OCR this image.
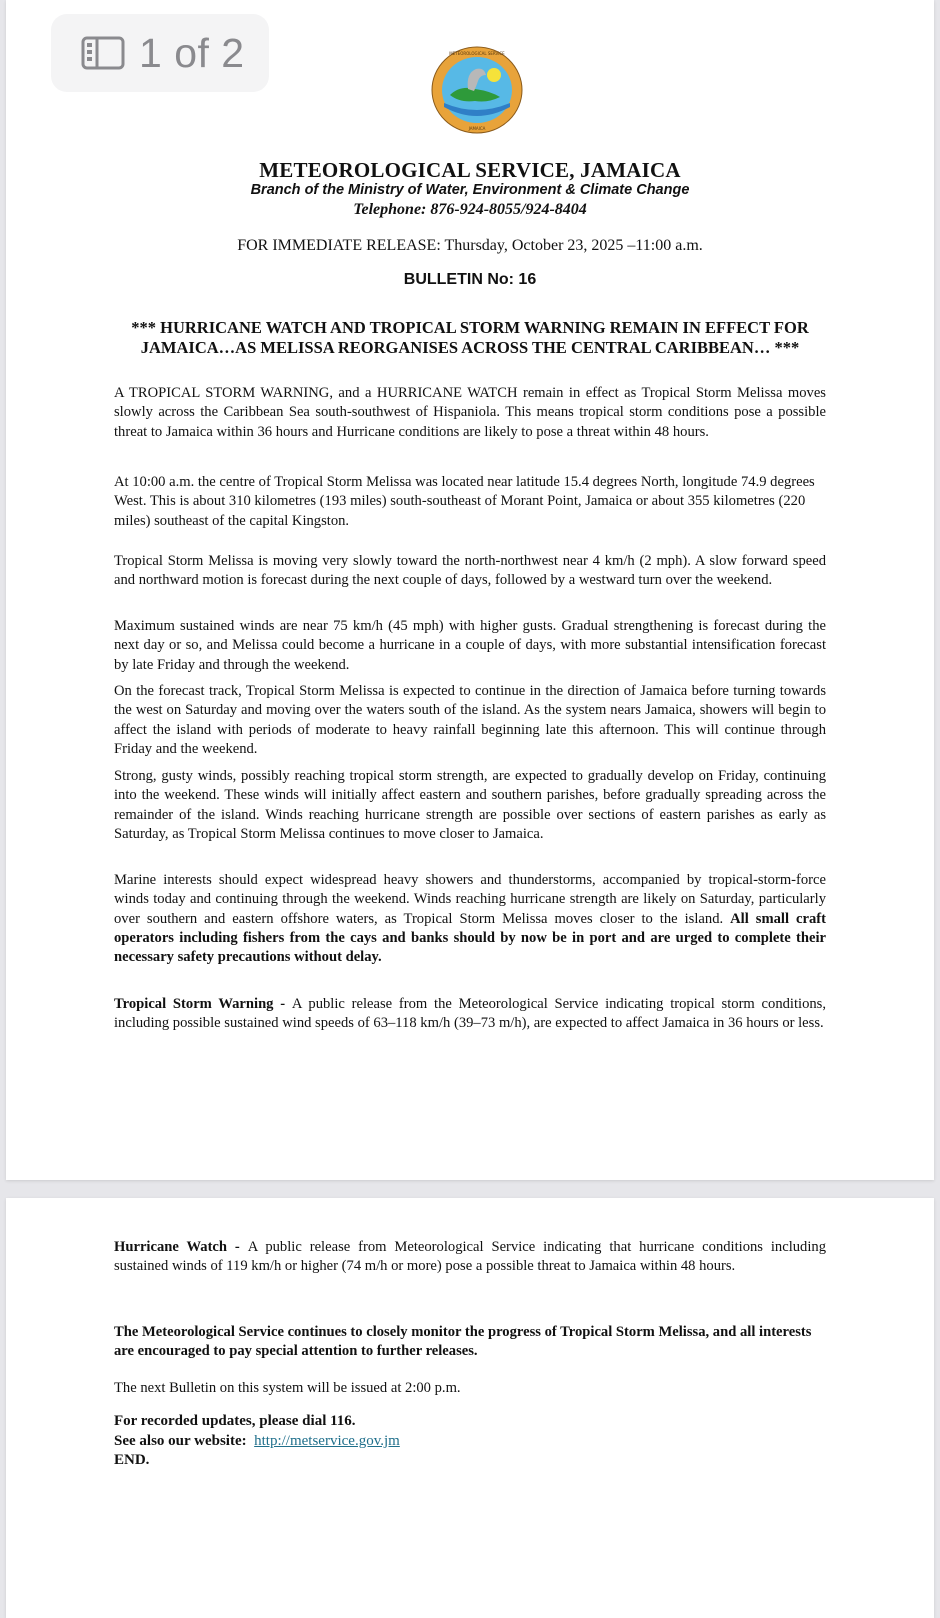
1 of 2	METEOROLOGICAL SERVICE
JAMAICA
METEOROLOGICAL SERVICE, JAMAICA
Branch of the Ministry of Water, Environment & Climate Change
Telephone: 876-924-8055/924-8404
FOR IMMEDIATE RELEASE: Thursday, October 23, 2025 –11:00 a.m.
BULLETIN No: 16
*** HURRICANE WATCH AND TROPICAL STORM WARNING REMAIN IN EFFECT FOR JAMAICA…AS MELISSA REORGANISES ACROSS THE CENTRAL CARIBBEAN… ***

A TROPICAL STORM WARNING, and a HURRICANE WATCH remain in effect as Tropical Storm Melissa moves slowly across the Caribbean Sea south-southwest of Hispaniola. This means tropical storm conditions pose a possible threat to Jamaica within 36 hours and Hurricane conditions are likely to pose a threat within 48 hours.

At 10:00 a.m. the centre of Tropical Storm Melissa was located near latitude 15.4 degrees North, longitude 74.9 degrees West. This is about 310 kilometres (193 miles) south-southeast of Morant Point, Jamaica or about 355 kilometres (220 miles) southeast of the capital Kingston.

Tropical Storm Melissa is moving very slowly toward the north-northwest near 4 km/h (2 mph). A slow forward speed and northward motion is forecast during the next couple of days, followed by a westward turn over the weekend.

Maximum sustained winds are near 75 km/h (45 mph) with higher gusts. Gradual strengthening is forecast during the next day or so, and Melissa could become a hurricane in a couple of days, with more substantial intensification forecast by late Friday and through the weekend.

On the forecast track, Tropical Storm Melissa is expected to continue in the direction of Jamaica before turning towards the west on Saturday and moving over the waters south of the island. As the system nears Jamaica, showers will begin to affect the island with periods of moderate to heavy rainfall beginning late this afternoon. This will continue through Friday and the weekend.

Strong, gusty winds, possibly reaching tropical storm strength, are expected to gradually develop on Friday, continuing into the weekend. These winds will initially affect eastern and southern parishes, before gradually spreading across the remainder of the island. Winds reaching hurricane strength are possible over sections of eastern parishes as early as Saturday, as Tropical Storm Melissa continues to move closer to Jamaica.

Marine interests should expect widespread heavy showers and thunderstorms, accompanied by tropical-storm-force winds today and continuing through the weekend. Winds reaching hurricane strength are likely on Saturday, particularly over southern and eastern offshore waters, as Tropical Storm Melissa moves closer to the island. All small craft operators including fishers from the cays and banks should by now be in port and are urged to complete their necessary safety precautions without delay.

Tropical Storm Warning - A public release from the Meteorological Service indicating tropical storm conditions, including possible sustained wind speeds of 63–118 km/h (39–73 m/h), are expected to affect Jamaica in 36 hours or less.

Hurricane Watch - A public release from Meteorological Service indicating that hurricane conditions including sustained winds of 119 km/h or higher (74 m/h or more) pose a possible threat to Jamaica within 48 hours.

The Meteorological Service continues to closely monitor the progress of Tropical Storm Melissa, and all interests are encouraged to pay special attention to further releases.

The next Bulletin on this system will be issued at 2:00 p.m.

For recorded updates, please dial 116.

See also our website:  http://metservice.gov.jm

END.
